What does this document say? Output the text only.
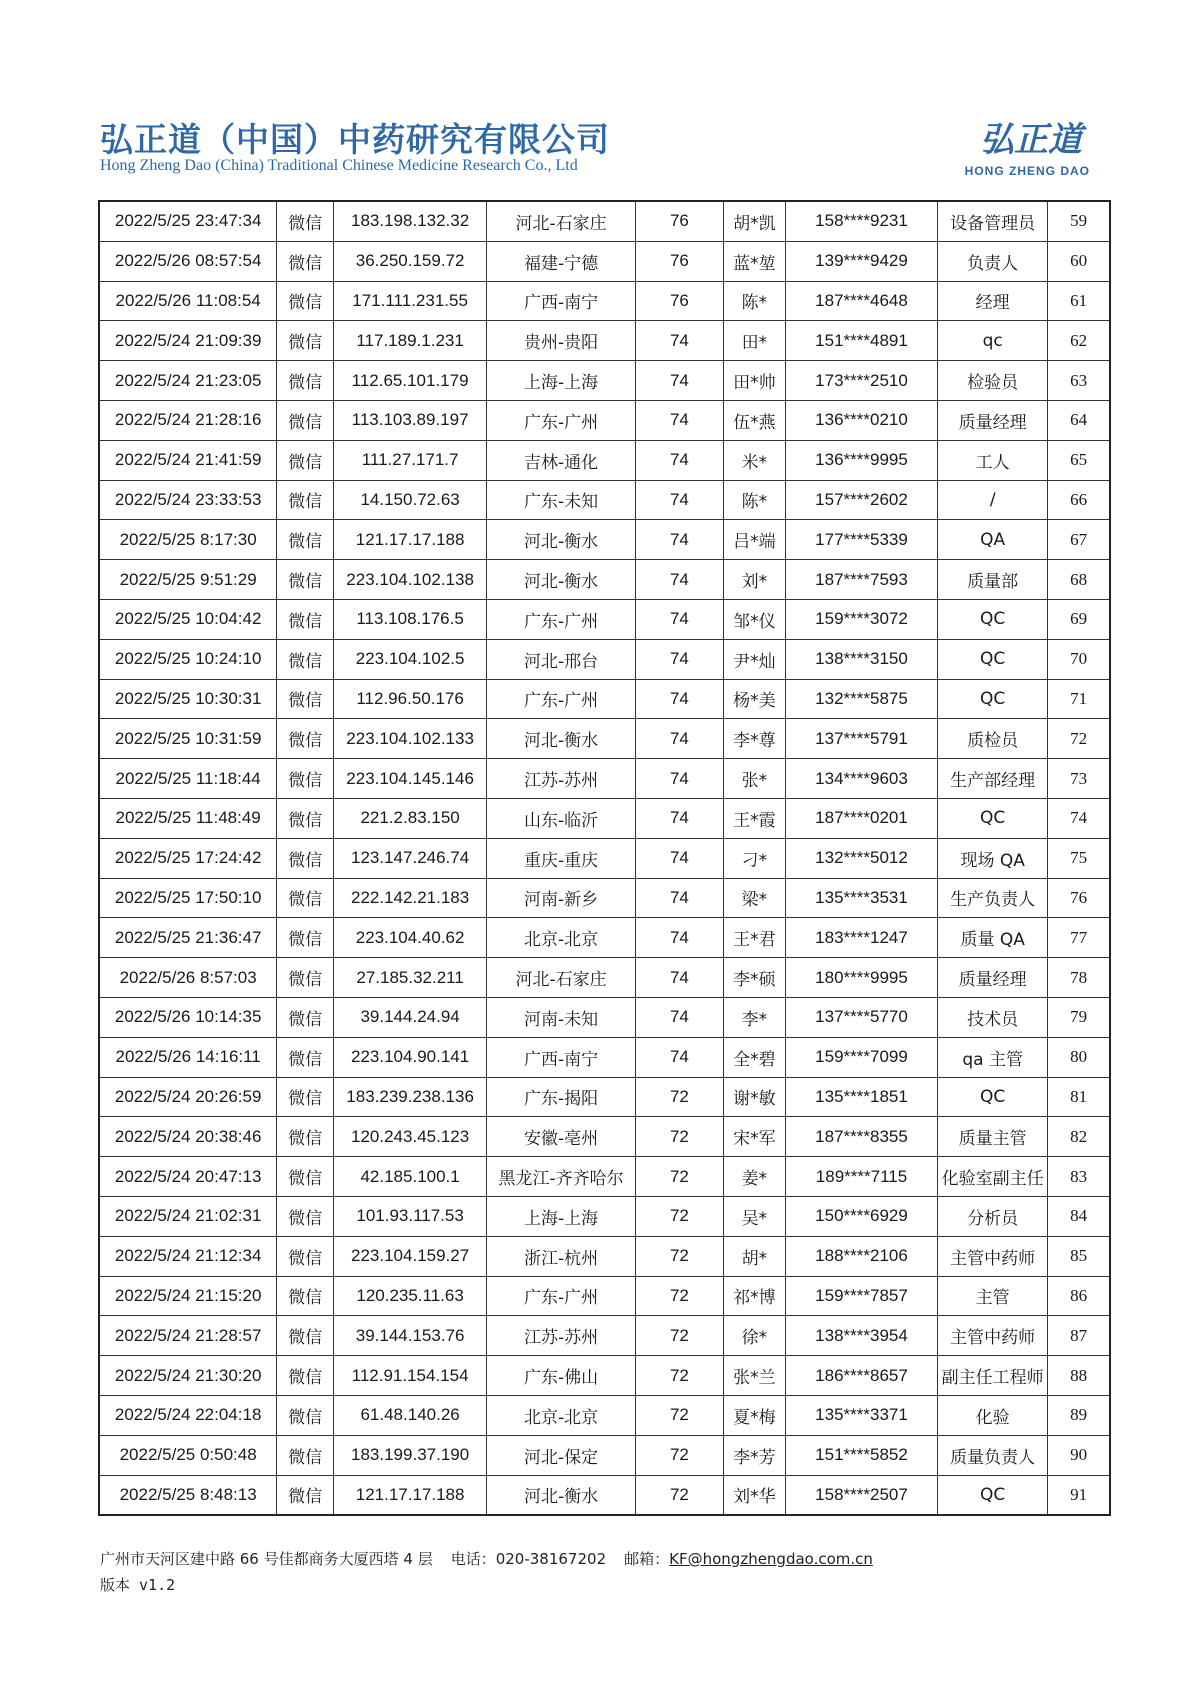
弘正道（中国）中药研究有限公司
Hong Zheng Dao (China) Traditional Chinese Medicine Research Co., Ltd
弘正道
HONG ZHENG DAO
2022/5/25 23:47:34	微信	183.198.132.32	河北-石家庄	76	胡*凯	158****9231	设备管理员	59
2022/5/26 08:57:54	微信	36.250.159.72	福建-宁德	76	蓝*堃	139****9429	负责人	60
2022/5/26 11:08:54	微信	171.111.231.55	广西-南宁	76	陈*	187****4648	经理	61
2022/5/24 21:09:39	微信	117.189.1.231	贵州-贵阳	74	田*	151****4891	qc	62
2022/5/24 21:23:05	微信	112.65.101.179	上海-上海	74	田*帅	173****2510	检验员	63
2022/5/24 21:28:16	微信	113.103.89.197	广东-广州	74	伍*燕	136****0210	质量经理	64
2022/5/24 21:41:59	微信	111.27.171.7	吉林-通化	74	米*	136****9995	工人	65
2022/5/24 23:33:53	微信	14.150.72.63	广东-未知	74	陈*	157****2602	/	66
2022/5/25 8:17:30	微信	121.17.17.188	河北-衡水	74	吕*端	177****5339	QA	67
2022/5/25 9:51:29	微信	223.104.102.138	河北-衡水	74	刘*	187****7593	质量部	68
2022/5/25 10:04:42	微信	113.108.176.5	广东-广州	74	邹*仪	159****3072	QC	69
2022/5/25 10:24:10	微信	223.104.102.5	河北-邢台	74	尹*灿	138****3150	QC	70
2022/5/25 10:30:31	微信	112.96.50.176	广东-广州	74	杨*美	132****5875	QC	71
2022/5/25 10:31:59	微信	223.104.102.133	河北-衡水	74	李*尊	137****5791	质检员	72
2022/5/25 11:18:44	微信	223.104.145.146	江苏-苏州	74	张*	134****9603	生产部经理	73
2022/5/25 11:48:49	微信	221.2.83.150	山东-临沂	74	王*霞	187****0201	QC	74
2022/5/25 17:24:42	微信	123.147.246.74	重庆-重庆	74	刁*	132****5012	现场 QA	75
2022/5/25 17:50:10	微信	222.142.21.183	河南-新乡	74	梁*	135****3531	生产负责人	76
2022/5/25 21:36:47	微信	223.104.40.62	北京-北京	74	王*君	183****1247	质量 QA	77
2022/5/26 8:57:03	微信	27.185.32.211	河北-石家庄	74	李*硕	180****9995	质量经理	78
2022/5/26 10:14:35	微信	39.144.24.94	河南-未知	74	李*	137****5770	技术员	79
2022/5/26 14:16:11	微信	223.104.90.141	广西-南宁	74	全*碧	159****7099	qa 主管	80
2022/5/24 20:26:59	微信	183.239.238.136	广东-揭阳	72	谢*敏	135****1851	QC	81
2022/5/24 20:38:46	微信	120.243.45.123	安徽-亳州	72	宋*军	187****8355	质量主管	82
2022/5/24 20:47:13	微信	42.185.100.1	黑龙江-齐齐哈尔	72	姜*	189****7115	化验室副主任	83
2022/5/24 21:02:31	微信	101.93.117.53	上海-上海	72	吴*	150****6929	分析员	84
2022/5/24 21:12:34	微信	223.104.159.27	浙江-杭州	72	胡*	188****2106	主管中药师	85
2022/5/24 21:15:20	微信	120.235.11.63	广东-广州	72	祁*博	159****7857	主管	86
2022/5/24 21:28:57	微信	39.144.153.76	江苏-苏州	72	徐*	138****3954	主管中药师	87
2022/5/24 21:30:20	微信	112.91.154.154	广东-佛山	72	张*兰	186****8657	副主任工程师	88
2022/5/24 22:04:18	微信	61.48.140.26	北京-北京	72	夏*梅	135****3371	化验	89
2022/5/25 0:50:48	微信	183.199.37.190	河北-保定	72	李*芳	151****5852	质量负责人	90
2022/5/25 8:48:13	微信	121.17.17.188	河北-衡水	72	刘*华	158****2507	QC	91
广州市天河区建中路 66 号佳都商务大厦西塔 4 层 电话：020-38167202 邮箱：KF@hongzhengdao.com.cn
版本 v1.2
